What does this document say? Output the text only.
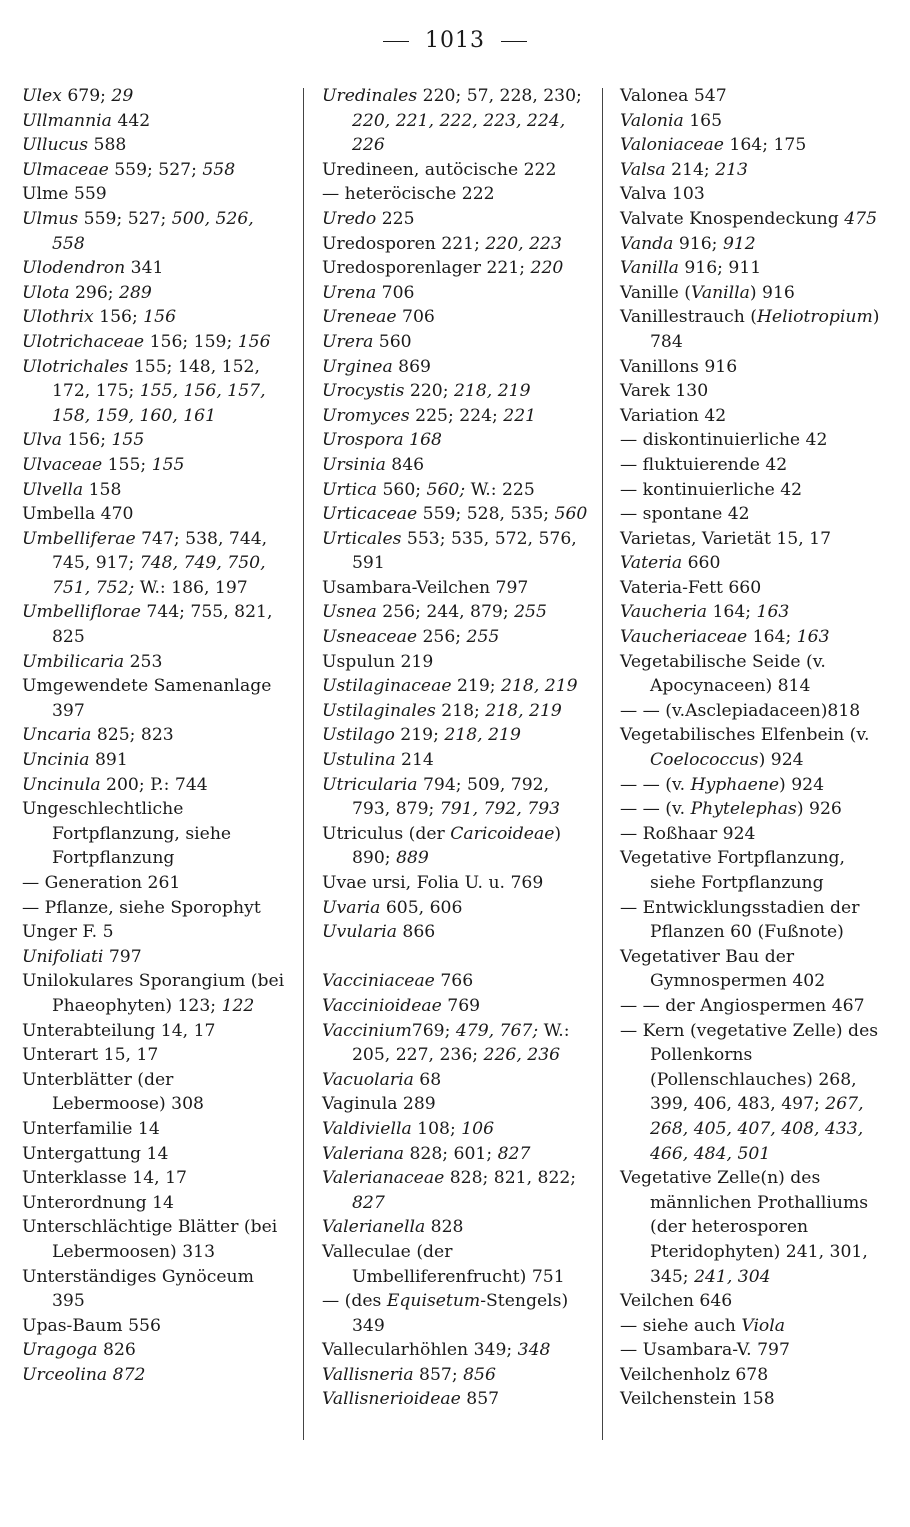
1013
Ulex 679; 29
Ullmannia 442
Ullucus 588
Ulmaceae 559; 527; 558
Ulme 559
Ulmus 559; 527; 500, 526, 558
Ulodendron 341
Ulota 296; 289
Ulothrix 156; 156
Ulotrichaceae 156; 159; 156
Ulotrichales 155; 148, 152, 172, 175; 155, 156, 157, 158, 159, 160, 161
Ulva 156; 155
Ulvaceae 155; 155
Ulvella 158
Umbella 470
Umbelliferae 747; 538, 744, 745, 917; 748, 749, 750, 751, 752; W.: 186, 197
Umbelliflorae 744; 755, 821, 825
Umbilicaria 253
Umgewendete Samenanlage 397
Uncaria 825; 823
Uncinia 891
Uncinula 200; P.: 744
Ungeschlechtliche Fortpflanzung, siehe Fortpflanzung
— Generation 261
— Pflanze, siehe Sporophyt
Unger F. 5
Unifoliati 797
Unilokulares Sporangium (bei Phaeophyten) 123; 122
Unterabteilung 14, 17
Unterart 15, 17
Unterblätter (der Lebermoose) 308
Unterfamilie 14
Untergattung 14
Unterklasse 14, 17
Unterordnung 14
Unterschlächtige Blätter (bei Lebermoosen) 313
Unterständiges Gynöceum 395
Upas-Baum 556
Uragoga 826
Urceolina 872
Uredinales 220; 57, 228, 230; 220, 221, 222, 223, 224, 226
Uredineen, autöcische 222
— heteröcische 222
Uredo 225
Uredosporen 221; 220, 223
Uredosporenlager 221; 220
Urena 706
Ureneae 706
Urera 560
Urginea 869
Urocystis 220; 218, 219
Uromyces 225; 224; 221
Urospora 168
Ursinia 846
Urtica 560; 560; W.: 225
Urticaceae 559; 528, 535; 560
Urticales 553; 535, 572, 576, 591
Usambara-Veilchen 797
Usnea 256; 244, 879; 255
Usneaceae 256; 255
Uspulun 219
Ustilaginaceae 219; 218, 219
Ustilaginales 218; 218, 219
Ustilago 219; 218, 219
Ustulina 214
Utricularia 794; 509, 792, 793, 879; 791, 792, 793
Utriculus (der Caricoideae) 890; 889
Uvae ursi, Folia U. u. 769
Uvaria 605, 606
Uvularia 866
Vacciniaceae 766
Vaccinioideae 769
Vaccinium769; 479, 767; W.: 205, 227, 236; 226, 236
Vacuolaria 68
Vaginula 289
Valdiviella 108; 106
Valeriana 828; 601; 827
Valerianaceae 828; 821, 822; 827
Valerianella 828
Valleculae (der Umbelliferenfrucht) 751
— (des Equisetum-Stengels) 349
Vallecularhöhlen 349; 348
Vallisneria 857; 856
Vallisnerioideae 857
Valonea 547
Valonia 165
Valoniaceae 164; 175
Valsa 214; 213
Valva 103
Valvate Knospendeckung 475
Vanda 916; 912
Vanilla 916; 911
Vanille (Vanilla) 916
Vanillestrauch (Heliotropium) 784
Vanillons 916
Varek 130
Variation 42
— diskontinuierliche 42
— fluktuierende 42
— kontinuierliche 42
— spontane 42
Varietas, Varietät 15, 17
Vateria 660
Vateria-Fett 660
Vaucheria 164; 163
Vaucheriaceae 164; 163
Vegetabilische Seide (v. Apocynaceen) 814
— — (v.Asclepiadaceen)818
Vegetabilisches Elfenbein (v. Coelococcus) 924
— — (v. Hyphaene) 924
— — (v. Phytelephas) 926
— Roßhaar 924
Vegetative Fortpflanzung, siehe Fortpflanzung
— Entwicklungsstadien der Pflanzen 60 (Fußnote)
Vegetativer Bau der Gymnospermen 402
— — der Angiospermen 467
— Kern (vegetative Zelle) des Pollenkorns (Pollenschlauches) 268, 399, 406, 483, 497; 267, 268, 405, 407, 408, 433, 466, 484, 501
Vegetative Zelle(n) des männlichen Prothalliums (der heterosporen Pteridophyten) 241, 301, 345; 241, 304
Veilchen 646
— siehe auch Viola
— Usambara-V. 797
Veilchenholz 678
Veilchenstein 158
